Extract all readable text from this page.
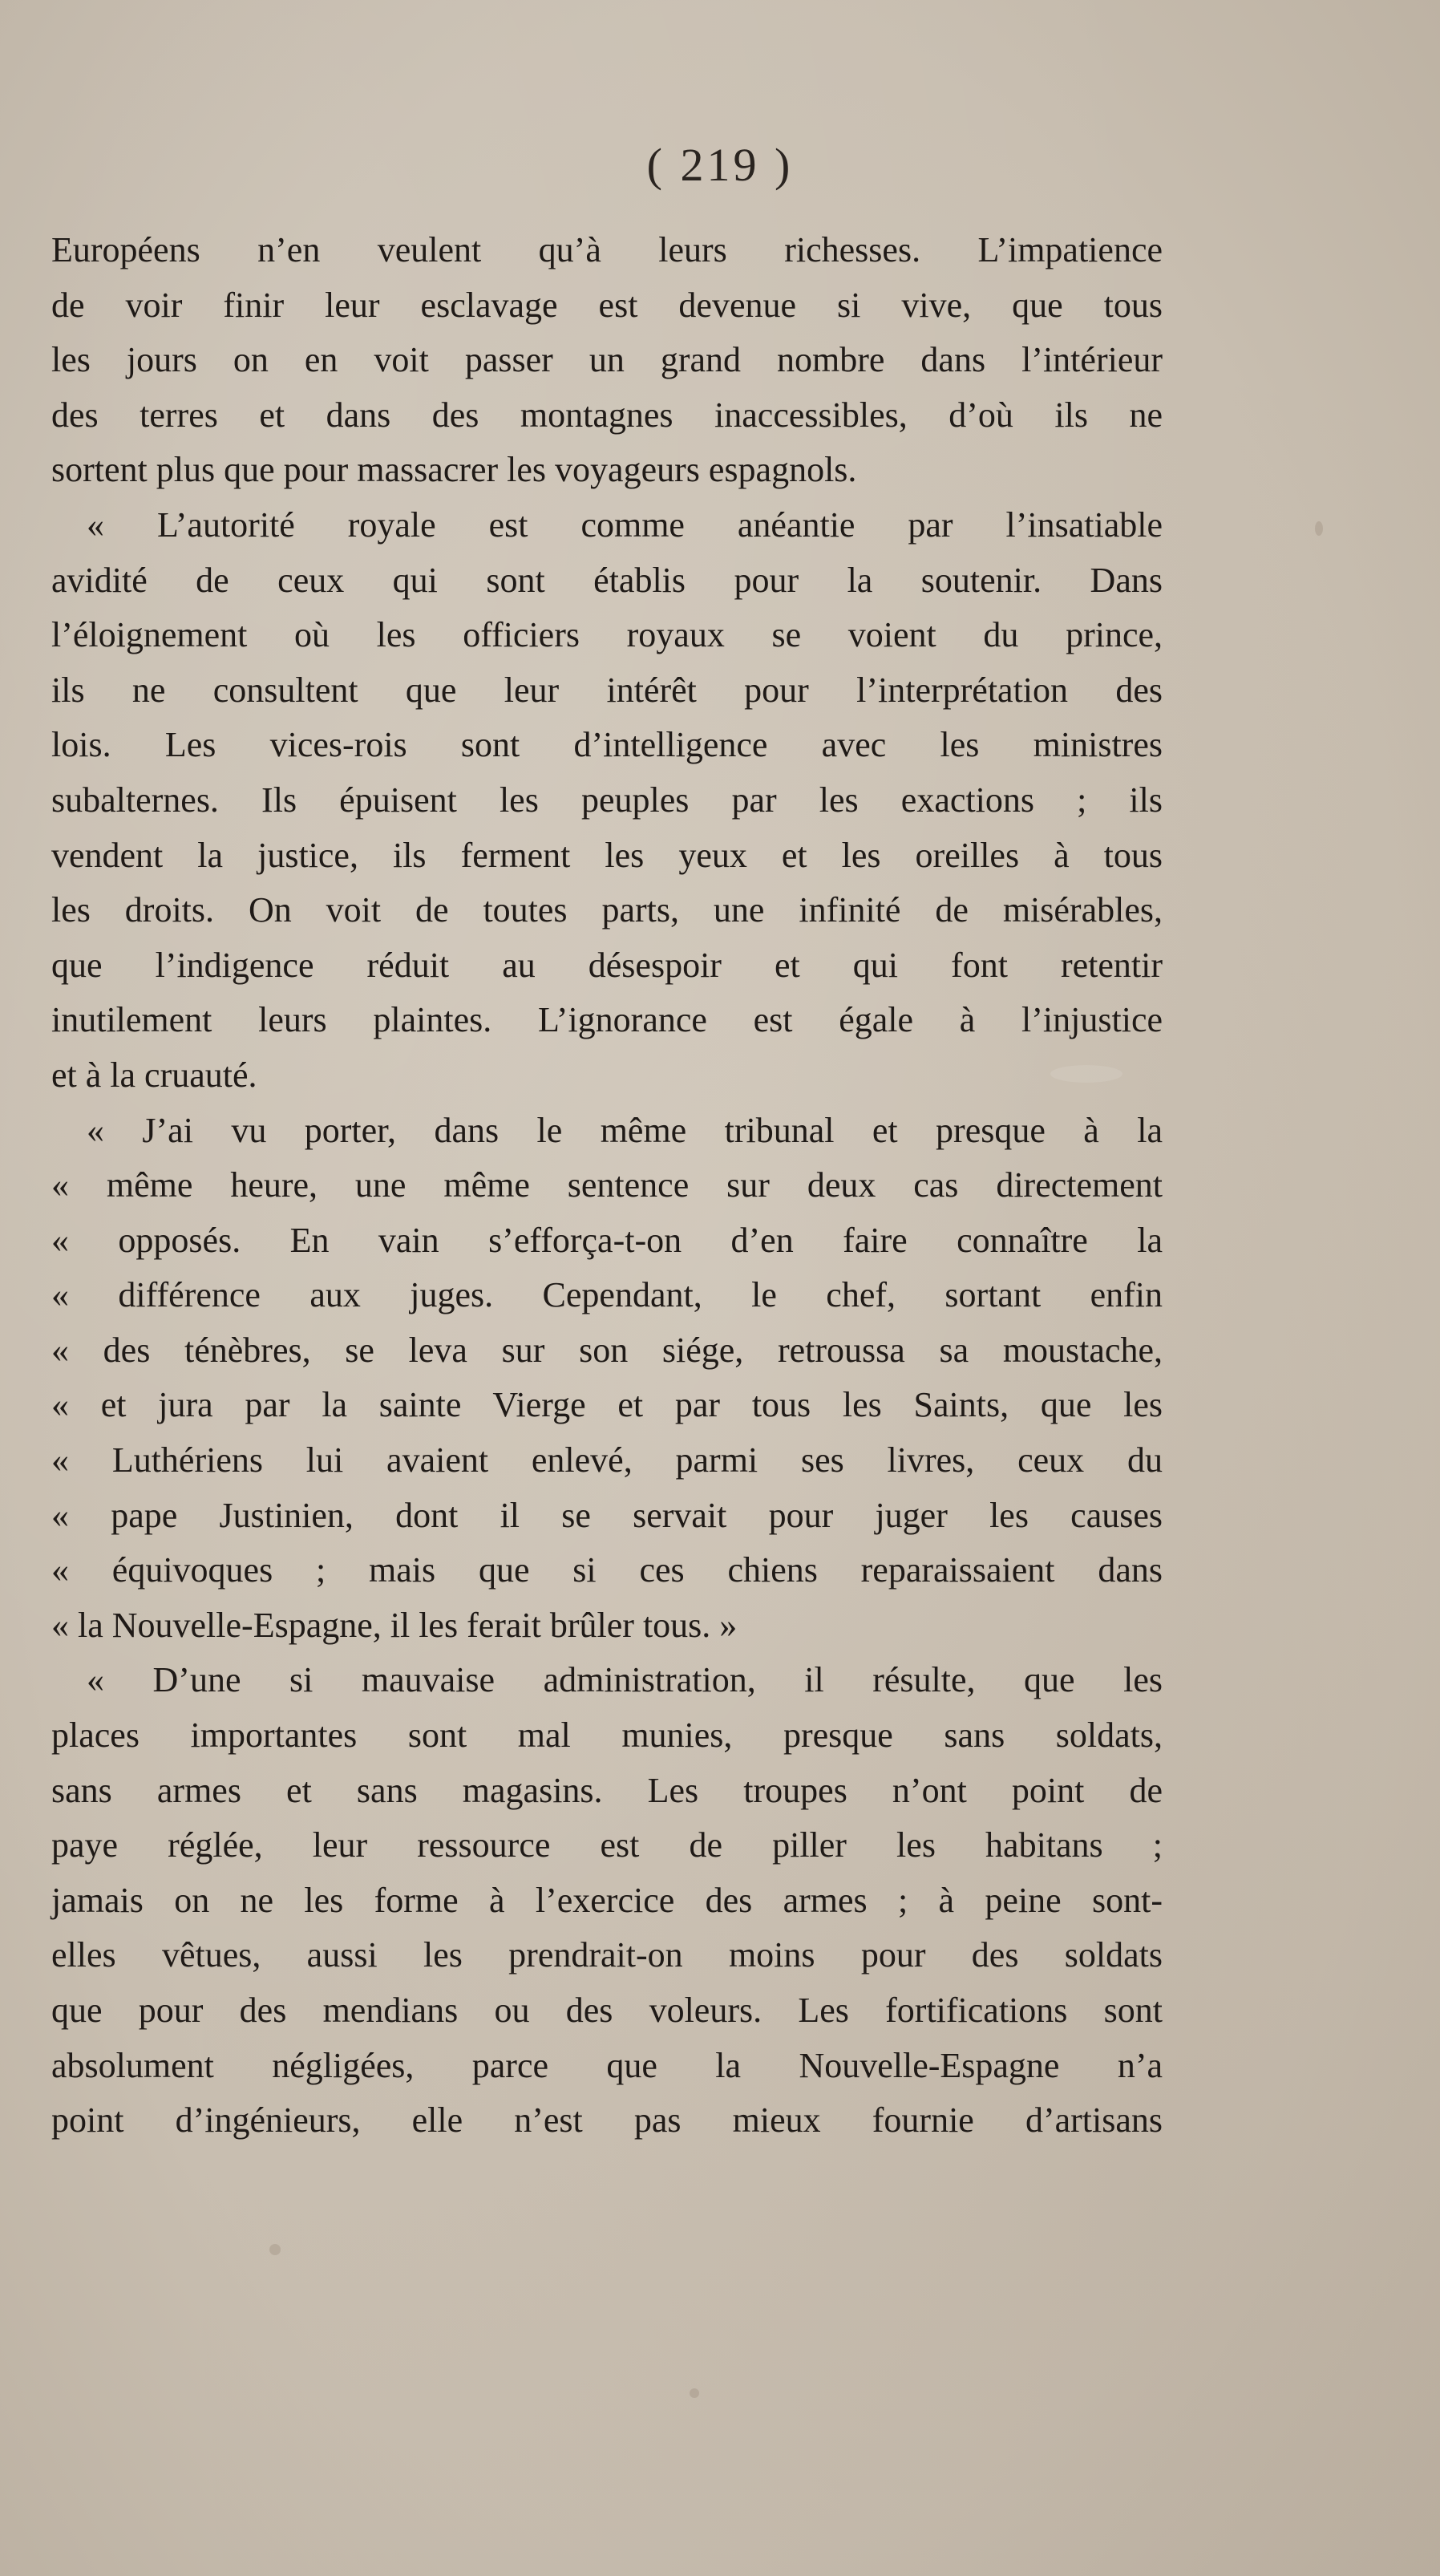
( 219 )
Européens n’en veulent qu’à leurs richesses. L’impatience
de voir finir leur esclavage est devenue si vive, que tous
les jours on en voit passer un grand nombre dans l’intérieur
des terres et dans des montagnes inaccessibles, d’où ils ne
sortent plus que pour massacrer les voyageurs espagnols.
« L’autorité royale est comme anéantie par l’insatiable
avidité de ceux qui sont établis pour la soutenir. Dans
l’éloignement où les officiers royaux se voient du prince,
ils ne consultent que leur intérêt pour l’interprétation des
lois. Les vices-rois sont d’intelligence avec les ministres
subalternes. Ils épuisent les peuples par les exactions ; ils
vendent la justice, ils ferment les yeux et les oreilles à tous
les droits. On voit de toutes parts, une infinité de misérables,
que l’indigence réduit au désespoir et qui font retentir
inutilement leurs plaintes. L’ignorance est égale à l’injustice
et à la cruauté.
« J’ai vu porter, dans le même tribunal et presque à la
« même heure, une même sentence sur deux cas directement
« opposés. En vain s’efforça-t-on d’en faire connaître la
« différence aux juges. Cependant, le chef, sortant enfin
« des ténèbres, se leva sur son siége, retroussa sa moustache,
« et jura par la sainte Vierge et par tous les Saints, que les
« Luthériens lui avaient enlevé, parmi ses livres, ceux du
« pape Justinien, dont il se servait pour juger les causes
« équivoques ; mais que si ces chiens reparaissaient dans
« la Nouvelle-Espagne, il les ferait brûler tous. »
« D’une si mauvaise administration, il résulte, que les
places importantes sont mal munies, presque sans soldats,
sans armes et sans magasins. Les troupes n’ont point de
paye réglée, leur ressource est de piller les habitans ;
jamais on ne les forme à l’exercice des armes ; à peine sont-
elles vêtues, aussi les prendrait-on moins pour des soldats
que pour des mendians ou des voleurs. Les fortifications sont
absolument négligées, parce que la Nouvelle-Espagne n’a
point d’ingénieurs, elle n’est pas mieux fournie d’artisans
